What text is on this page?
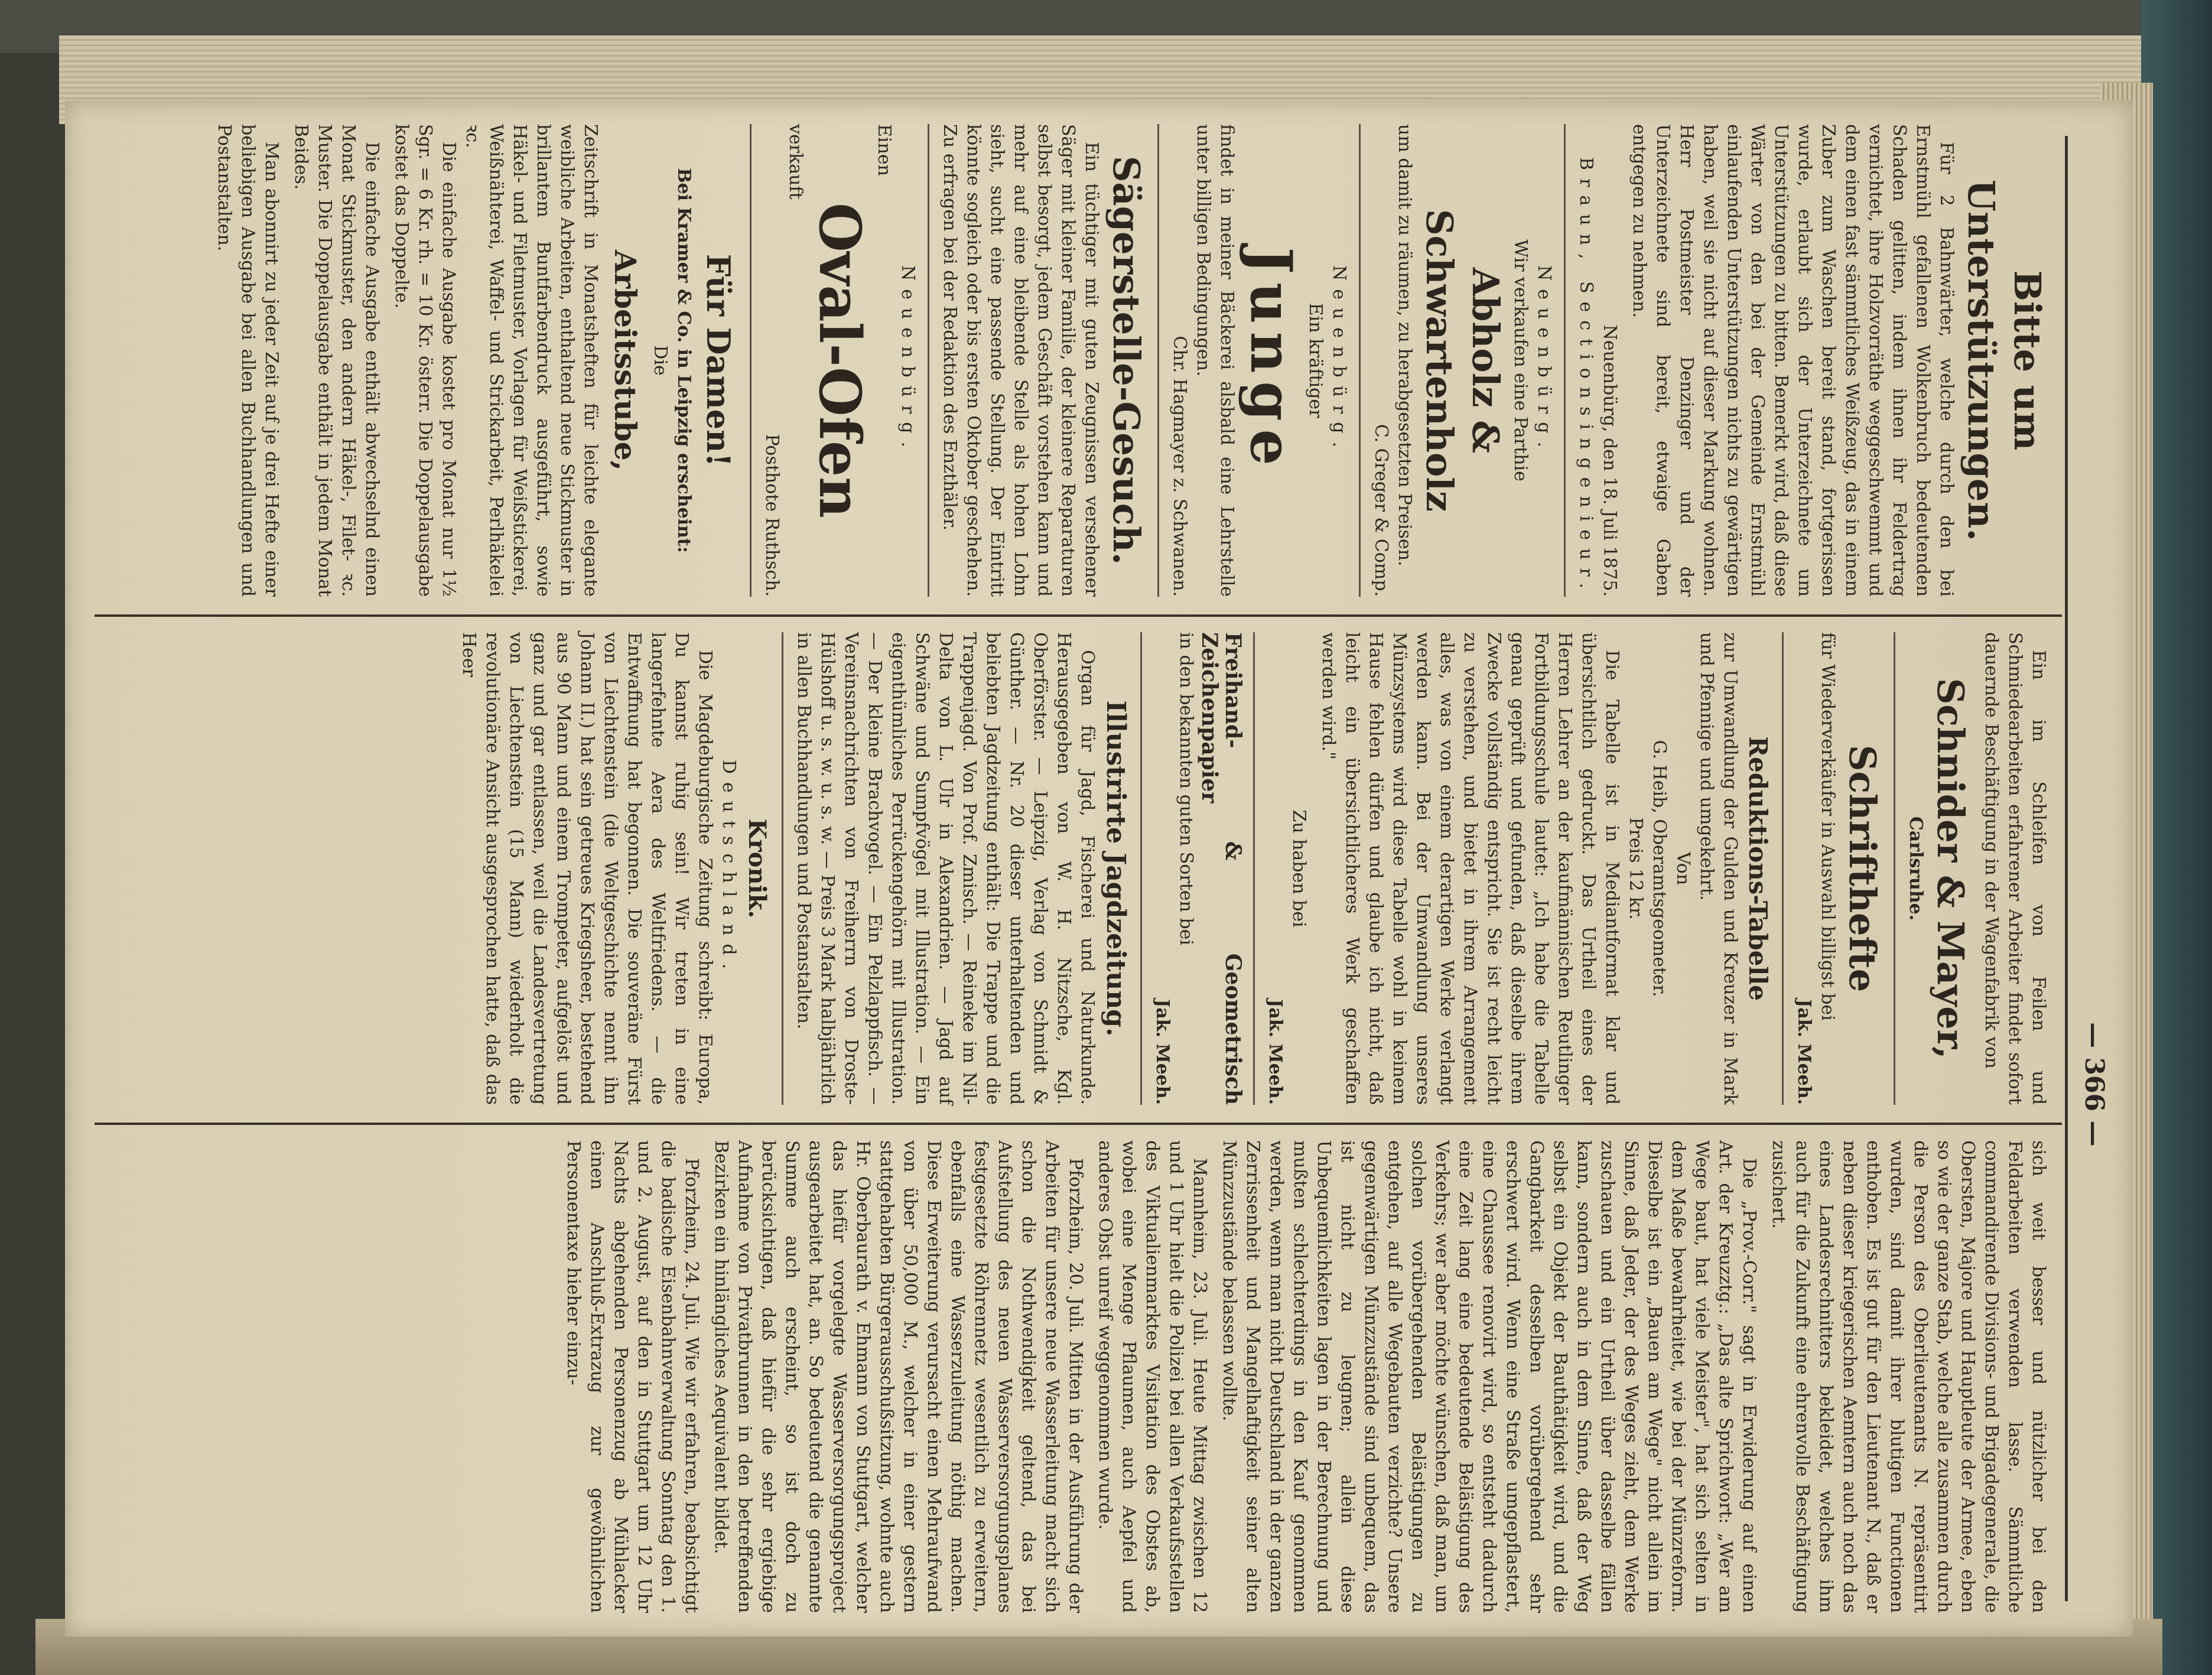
— 366 —
Bitte um Unterstützungen.

Für 2 Bahnwärter, welche durch den bei Ernstmühl gefallenen Wolkenbruch bedeutenden Schaden gelitten, indem ihnen ihr Feldertrag vernichtet, ihre Holzvorräthe weggeschwemmt und dem einen fast sämmtliches Weißzeug, das in einem Zuber zum Waschen bereit stand, fortgerissen wurde, erlaubt sich der Unterzeichnete um Unterstützungen zu bitten. Bemerkt wird, daß diese Wärter von den bei der Gemeinde Ernstmühl einlaufenden Unterstützungen nichts zu gewärtigen haben, weil sie nicht auf dieser Markung wohnen. Herr Postmeister Denzinger und der Unterzeichnete sind bereit, etwaige Gaben entgegen zu nehmen.

Neuenbürg, den 18. Juli 1875.
Braun, Sectionsingenieur.
Neuenbürg.
Wir verkaufen eine Parthie
Abholz & Schwartenholz
um damit zu räumen, zu herabgesetzten Preisen.
C. Greger & Comp.
Neuenbürg.
Ein kräftiger
Junge
findet in meiner Bäckerei alsbald eine Lehrstelle unter billigen Bedingungen.
Chr. Hagmayer z. Schwanen.
Sägerstelle-Gesuch.

Ein tüchtiger mit guten Zeugnissen versehener Säger mit kleiner Familie, der kleinere Reparaturen selbst besorgt, jedem Geschäft vorstehen kann und mehr auf eine bleibende Stelle als hohen Lohn sieht, sucht eine passende Stellung. Der Eintritt könnte sogleich oder bis ersten Oktober geschehen. Zu erfragen bei der Redaktion des Enzthäler.

Neuenbürg.
Einen
Oval-Ofen
verkauft
Posthote Ruthsch.
Für Damen!
Bei Kramer & Co. in Leipzig erscheint:
Die
Arbeitsstube,
Zeitschrift in Monatsheften für leichte elegante weibliche Arbeiten, enthaltend neue Stickmuster in brillantem Buntfarbendruck ausgeführt, sowie Häkel- und Filetmuster, Vorlagen für Weißstickerei, Weißnähterei, Waffel- und Strickarbeit, Perlhäkelei ꝛc.

Die einfache Ausgabe kostet pro Monat nur 1½ Sgr. = 6 Kr. rh. = 10 Kr. österr. Die Doppelausgabe kostet das Doppelte.

Die einfache Ausgabe enthält abwechselnd einen Monat Stickmuster, den andern Häkel-, Filet- ꝛc. Muster. Die Doppelausgabe enthält in jedem Monat Beides.

Man abonnirt zu jeder Zeit auf je drei Hefte einer beliebigen Ausgabe bei allen Buchhandlungen und Postanstalten.

Ein im Schleifen von Feilen und Schmiedearbeiten erfahrener Arbeiter findet sofort dauernde Beschäftigung in der Wagenfabrik von

Schnider & Mayer,
Carlsruhe.
Schrifthefte
für Wiederverkäufer in Auswahl billigst bei
Jak. Meeh.
Reduktions-Tabelle
zur Umwandlung der Gulden und Kreuzer in Mark und Pfennige und umgekehrt.
Von
G. Heib, Oberamtsgeometer.
Preis 12 kr.

Die Tabelle ist in Mediantformat klar und übersichtlich gedruckt. Das Urtheil eines der Herren Lehrer an der kaufmännischen Reutlinger Fortbildungsschule lautet: „Ich habe die Tabelle genau geprüft und gefunden, daß dieselbe ihrem Zwecke vollständig entspricht. Sie ist recht leicht zu verstehen, und bietet in ihrem Arrangement alles, was von einem derartigen Werke verlangt werden kann. Bei der Umwandlung unseres Münzsystems wird diese Tabelle wohl in keinem Hause fehlen dürfen und glaube ich nicht, daß leicht ein übersichtlicheres Werk geschaffen werden wird."

Zu haben bei
Jak. Meeh.
Freihand- & Geometrisch Zeichenpapier
in den bekannten guten Sorten bei
Jak. Meeh.
Illustrirte Jagdzeitung.

Organ für Jagd, Fischerei und Naturkunde. Herausgegeben von W. H. Nitzsche, Kgl. Oberförster. — Leipzig, Verlag von Schmidt & Günther. — Nr. 20 dieser unterhaltenden und beliebten Jagdzeitung enthält: Die Trappe und die Trappenjagd. Von Prof. Zmisch. — Reineke im Nil-Delta von L. Ulr in Alexandrien. — Jagd auf Schwäne und Sumpfvögel mit Illustration. — Ein eigenthümliches Perrückengehörn mit Illustration. — Der kleine Brachvogel. — Ein Pelzlappfisch. — Vereinsnachrichten von Freiherrn von Droste-Hülshoff u. s. w. u. s. w. — Preis 3 Mark halbjährlich in allen Buchhandlungen und Postanstalten.

Kronik.
Deutschland.

Die Magdeburgische Zeitung schreibt: Europa, Du kannst ruhig sein! Wir treten in eine langerfehnte Aera des Weltfriedens. — die Entwaffnung hat begonnen. Die souveräne Fürst von Liechtenstein (die Weltgeschichte nennt ihn Johann II.) hat sein getreues Kriegsheer, bestehend aus 90 Mann und einem Trompeter, aufgelöst und ganz und gar entlassen, weil die Landesvertretung von Liechtenstein (15 Mann) wiederholt die revolutionäre Ansicht ausgesprochen hatte, daß das Heer

sich weit besser und nützlicher bei den Feldarbeiten verwenden lasse. Sämmtliche commandirende Divisions- und Brigadegenerale, die Obersten, Majore und Hauptleute der Armee, eben so wie der ganze Stab, welche alle zusammen durch die Person des Oberlieutenants N. repräsentirt wurden, sind damit ihrer blutigen Functionen enthoben. Es ist gut für den Lieutenant N., daß er neben dieser kriegerischen Aemtern auch noch das eines Landesrechnitters bekleidet, welches ihm auch für die Zukunft eine ehrenvolle Beschäftigung zusichert.

Die „Prov.-Corr." sagt in Erwiderung auf einen Art. der Kreuzztg.: „Das alte Sprichwort: „Wer am Wege baut, hat viele Meister", hat sich selten in dem Maße bewahrheitet, wie bei der Münzreform. Dieselbe ist ein „Bauen am Wege" nicht allein im Sinne, daß Jeder, der des Weges zieht, dem Werke zuschauen und ein Urtheil über dasselbe fällen kann, sondern auch in dem Sinne, daß der Weg selbst ein Objekt der Bauthätigkeit wird, und die Gangbarkeit desselben vorübergehend sehr erschwert wird. Wenn eine Straße umgepflastert, eine Chaussee renovirt wird, so entsteht dadurch eine Zeit lang eine bedeutende Belästigung des Verkehrs; wer aber möchte wünschen, daß man, um solchen vorübergehenden Belästigungen zu entgehen, auf alle Wegebauten verzichte? Unsere gegenwärtigen Münzzustände sind unbequem, das ist nicht zu leugnen; allein diese Unbequemlichkeiten lagen in der Berechnung und mußten schlechterdings in den Kauf genommen werden, wenn man nicht Deutschland in der ganzen Zerrissenheit und Mangelhaftigkeit seiner alten Münzzustände belassen wollte.

Mannheim, 23. Juli. Heute Mittag zwischen 12 und 1 Uhr hielt die Polizei bei allen Verkaufsstellen des Viktualienmarktes Visitation des Obstes ab, wobei eine Menge Pflaumen, auch Aepfel und anderes Obst unreif weggenommen wurde.

Pforzheim, 20. Juli. Mitten in der Ausführung der Arbeiten für unsere neue Wasserleitung macht sich schon die Nothwendigkeit geltend, das bei Aufstellung des neuen Wasserversorgungsplanes festgesetzte Röhrennetz wesentlich zu erweitern, ebenfalls eine Wasserzuleitung nöthig machen. Diese Erweiterung verursacht einen Mehraufwand von über 50,000 M., welcher in einer gestern stattgehabten Bürgerausschußsitzung, wohnte auch Hr. Oberbaurath v. Ehmann von Stuttgart, welcher das hiefür vorgelegte Wasserversorgungsproject ausgearbeitet hat, an. So bedeutend die genannte Summe auch erscheint, so ist doch zu berücksichtigen, daß hiefür die sehr ergiebige Aufnahme von Privatbrunnen in den betreffenden Bezirken ein hinlängliches Aequivalent bildet.

Pforzheim, 24. Juli. Wie wir erfahren, beabsichtigt die badische Eisenbahnverwaltung Sonntag den 1. und 2. August, auf den in Stuttgart um 12 Uhr Nachts abgehenden Personenzug ab Mühlacker einen Anschluß-Extrazug zur gewöhnlichen Personentaxe hieher einzu-
